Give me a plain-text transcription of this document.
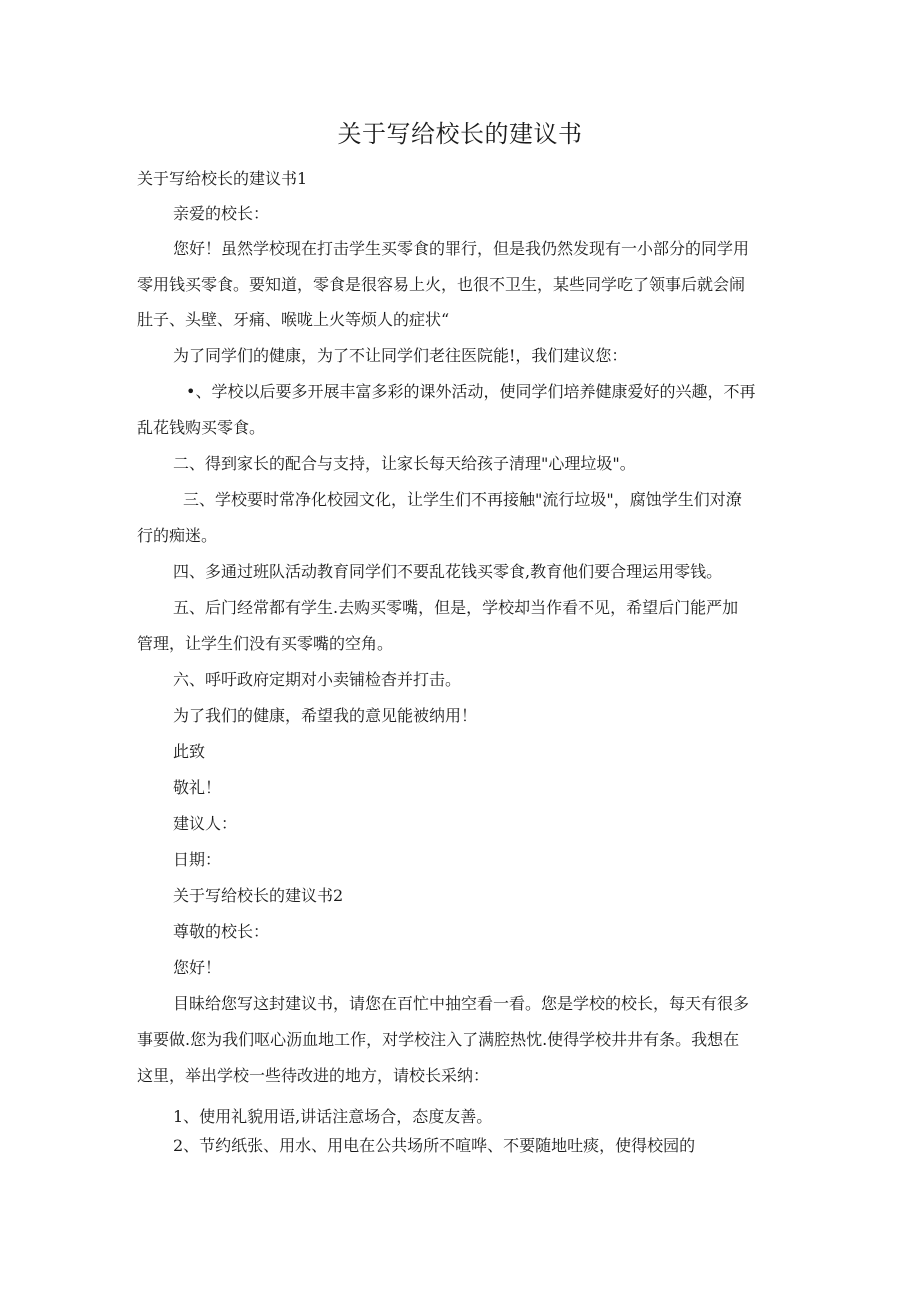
关于写给校长的建议书
关于写给校长的建议书1
亲爱的校长：
您好！虽然学校现在打击学生买零食的罪行，但是我仍然发现有一小部分的同学用
零用钱买零食。要知道，零食是很容易上火，也很不卫生，某些同学吃了领事后就会闹
肚子、头壁、牙痛、喉咙上火等烦人的症状“
为了同学们的健康，为了不让同学们老往医院能!，我们建议您：
•、学校以后要多开展丰富多彩的课外活动，使同学们培养健康爱好的兴趣，不再
乱花钱购买零食。
二、得到家长的配合与支持，让家长每天给孩子清理"心理垃圾"。
三、学校要时常净化校园文化，让学生们不再接触"流行垃圾"，腐蚀学生们对潦
行的痴迷。
四、多通过班队活动教育同学们不要乱花钱买零食,教育他们要合理运用零钱。
五、后门经常都有学生.去购买零嘴，但是，学校却当作看不见，希望后门能严加
管理，让学生们没有买零嘴的空角。
六、呼吁政府定期对小卖铺检杳并打击。
为了我们的健康，希望我的意见能被纳用！
此致
敬礼！
建议人：
日期：
关于写给校长的建议书2
尊敬的校长：
您好！
目昧给您写这封建议书，请您在百忙中抽空看一看。您是学校的校长，每天有很多
事要做.您为我们呕心沥血地工作，对学校注入了满腔热忱.使得学校井井有条。我想在
这里，举出学校一些待改进的地方，请校长采纳：
1、使用礼貌用语,讲话注意场合，态度友善。
2、节约纸张、用水、用电在公共场所不喧哗、不要随地吐痰，使得校园的
